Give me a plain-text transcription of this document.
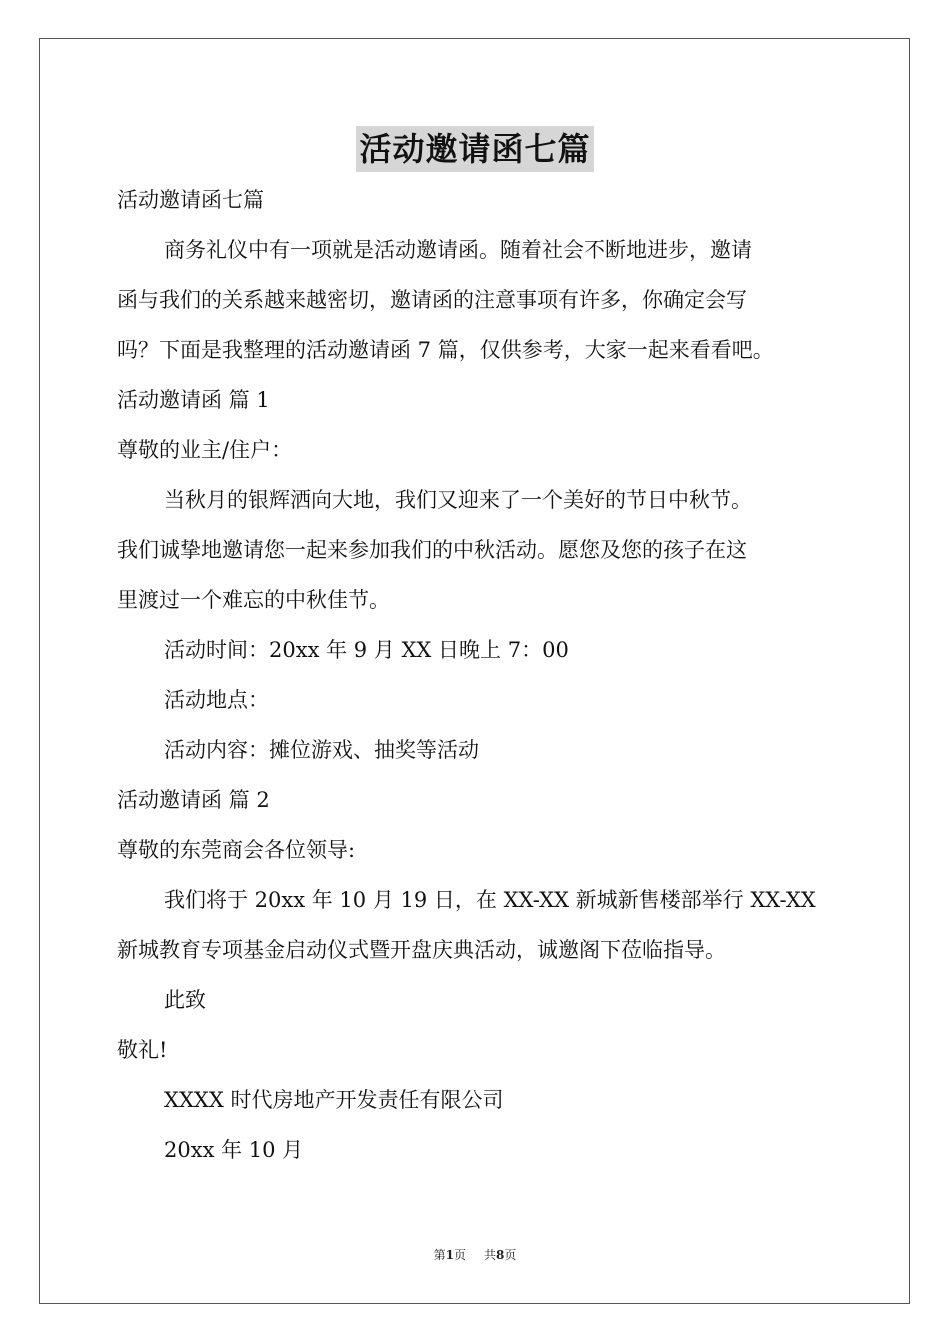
活动邀请函七篇
活动邀请函七篇
商务礼仪中有一项就是活动邀请函。随着社会不断地进步，邀请
函与我们的关系越来越密切，邀请函的注意事项有许多，你确定会写
吗？下面是我整理的活动邀请函 7 篇，仅供参考，大家一起来看看吧。
活动邀请函 篇 1
尊敬的业主/住户：
当秋月的银辉洒向大地，我们又迎来了一个美好的节日中秋节。
我们诚挚地邀请您一起来参加我们的中秋活动。愿您及您的孩子在这
里渡过一个难忘的中秋佳节。
活动时间：20xx 年 9 月 XX 日晚上 7：00
活动地点：
活动内容：摊位游戏、抽奖等活动
活动邀请函 篇 2
尊敬的东莞商会各位领导:
我们将于 20xx 年 10 月 19 日，在 XX-XX 新城新售楼部举行 XX-XX
新城教育专项基金启动仪式暨开盘庆典活动，诚邀阁下莅临指导。
此致
敬礼!
XXXX 时代房地产开发责任有限公司
20xx 年 10 月
第1页 共8页
